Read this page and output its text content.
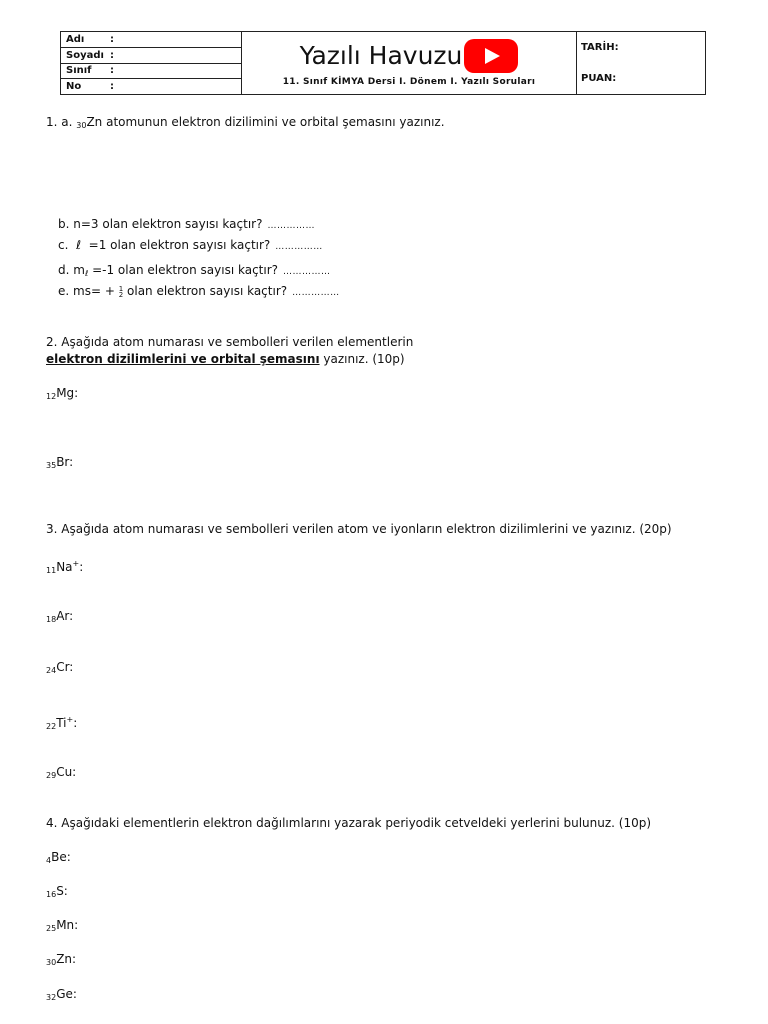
Adı	:
Soyadı :
Sınıf	:
No	:
Yazılı Havuzu
11. Sınıf KİMYA Dersi I. Dönem I. Yazılı Soruları
TARİH:
PUAN:
1. a. $_{30}$Zn atomunun elektron dizilimini ve orbital şemasını yazınız.
b. n=3 olan elektron sayısı kaçtır? ……………
c. ℓ =1 olan elektron sayısı kaçtır? ……………
d. $m_\ell =-1$ olan elektron sayısı kaçtır? ……………
e. ms= + 1
2 olan elektron sayısı kaçtır? ……………
2. Aşağıda atom numarası ve sembolleri verilen elementlerin
elektron dizilimlerini ve orbital şemasını yazınız. (10p)
$_{12}$Mg:
$_{35}$Br:
3. Aşağıda atom numarası ve sembolleri verilen atom ve iyonların elektron dizilimlerini ve yazınız. (20p)
$_{11}$Na+:
$_{18}$Ar:
$_{24}$Cr:
$_{22}$Ti+:
$_{29}$Cu:
4. Aşağıdaki elementlerin elektron dağılımlarını yazarak periyodik cetveldeki yerlerini bulunuz. (10p)
$_4$Be:
$_{16}$S:
$_{25}$Mn:
$_{30}$Zn:
$_{32}$Ge:
